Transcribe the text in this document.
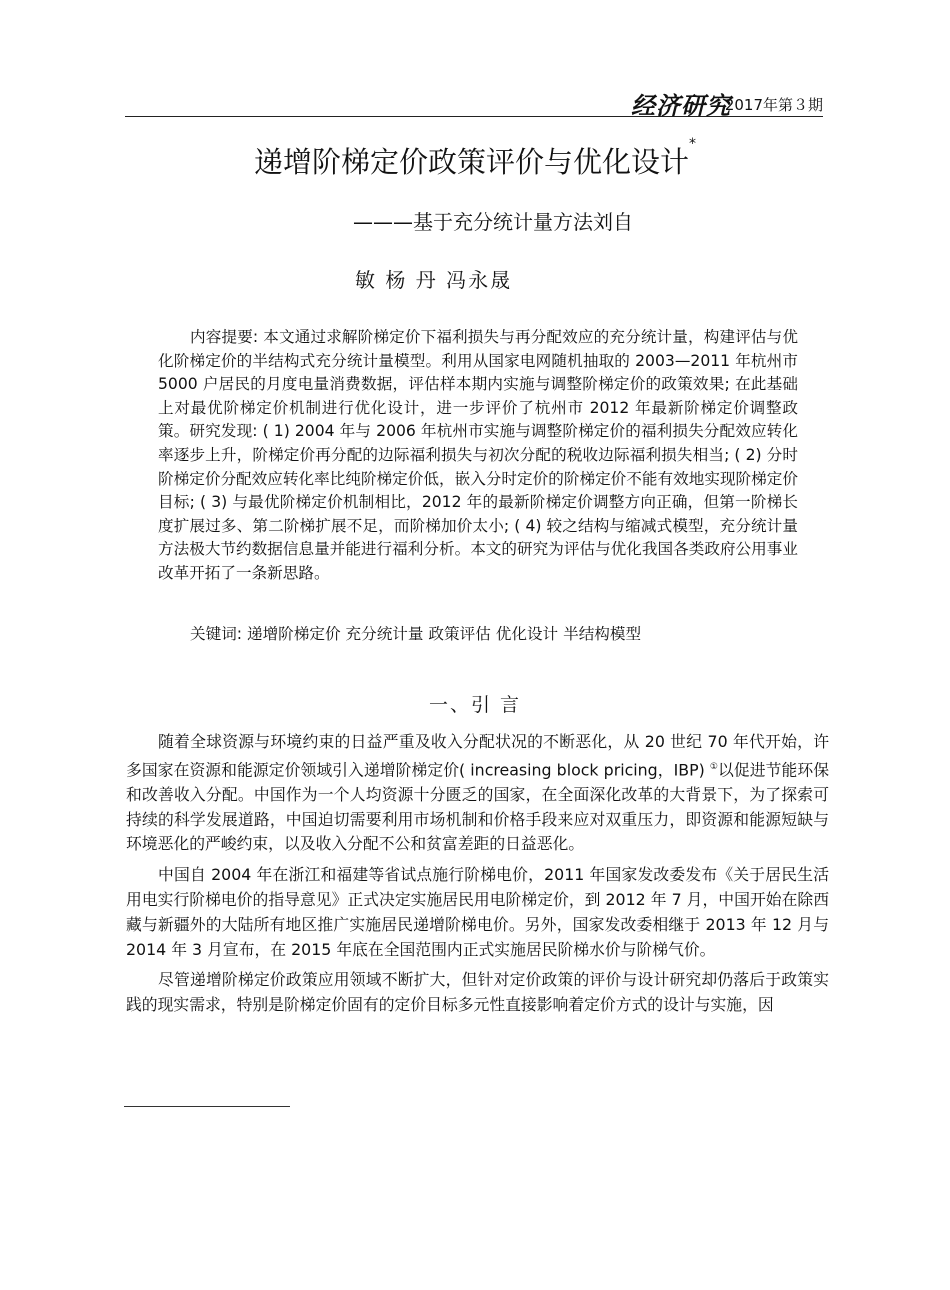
经济研究
2017年第３期
递增阶梯定价政策评价与优化设计*
———基于充分统计量方法刘自
敏 杨 丹 冯永晟
内容提要: 本文通过求解阶梯定价下福利损失与再分配效应的充分统计量，构建评估与优化阶梯定价的半结构式充分统计量模型。利用从国家电网随机抽取的 2003—2011 年杭州市 5000 户居民的月度电量消费数据，评估样本期内实施与调整阶梯定价的政策效果; 在此基础上对最优阶梯定价机制进行优化设计，进一步评价了杭州市 2012 年最新阶梯定价调整政策。研究发现: ( 1) 2004 年与 2006 年杭州市实施与调整阶梯定价的福利损失分配效应转化率逐步上升，阶梯定价再分配的边际福利损失与初次分配的税收边际福利损失相当; ( 2) 分时阶梯定价分配效应转化率比纯阶梯定价低，嵌入分时定价的阶梯定价不能有效地实现阶梯定价目标; ( 3) 与最优阶梯定价机制相比，2012 年的最新阶梯定价调整方向正确，但第一阶梯长度扩展过多、第二阶梯扩展不足，而阶梯加价太小; ( 4) 较之结构与缩减式模型，充分统计量方法极大节约数据信息量并能进行福利分析。本文的研究为评估与优化我国各类政府公用事业改革开拓了一条新思路。
关键词: 递增阶梯定价 充分统计量 政策评估 优化设计 半结构模型
一、引 言

随着全球资源与环境约束的日益严重及收入分配状况的不断恶化，从 20 世纪 70 年代开始，许多国家在资源和能源定价领域引入递增阶梯定价( increasing block pricing，IBP) ①以促进节能环保和改善收入分配。中国作为一个人均资源十分匮乏的国家，在全面深化改革的大背景下，为了探索可持续的科学发展道路，中国迫切需要利用市场机制和价格手段来应对双重压力，即资源和能源短缺与环境恶化的严峻约束，以及收入分配不公和贫富差距的日益恶化。

中国自 2004 年在浙江和福建等省试点施行阶梯电价，2011 年国家发改委发布《关于居民生活用电实行阶梯电价的指导意见》正式决定实施居民用电阶梯定价，到 2012 年 7 月，中国开始在除西藏与新疆外的大陆所有地区推广实施居民递增阶梯电价。另外，国家发改委相继于 2013 年 12 月与 2014 年 3 月宣布，在 2015 年底在全国范围内正式实施居民阶梯水价与阶梯气价。

尽管递增阶梯定价政策应用领域不断扩大，但针对定价政策的评价与设计研究却仍落后于政策实践的现实需求，特别是阶梯定价固有的定价目标多元性直接影响着定价方式的设计与实施，因
